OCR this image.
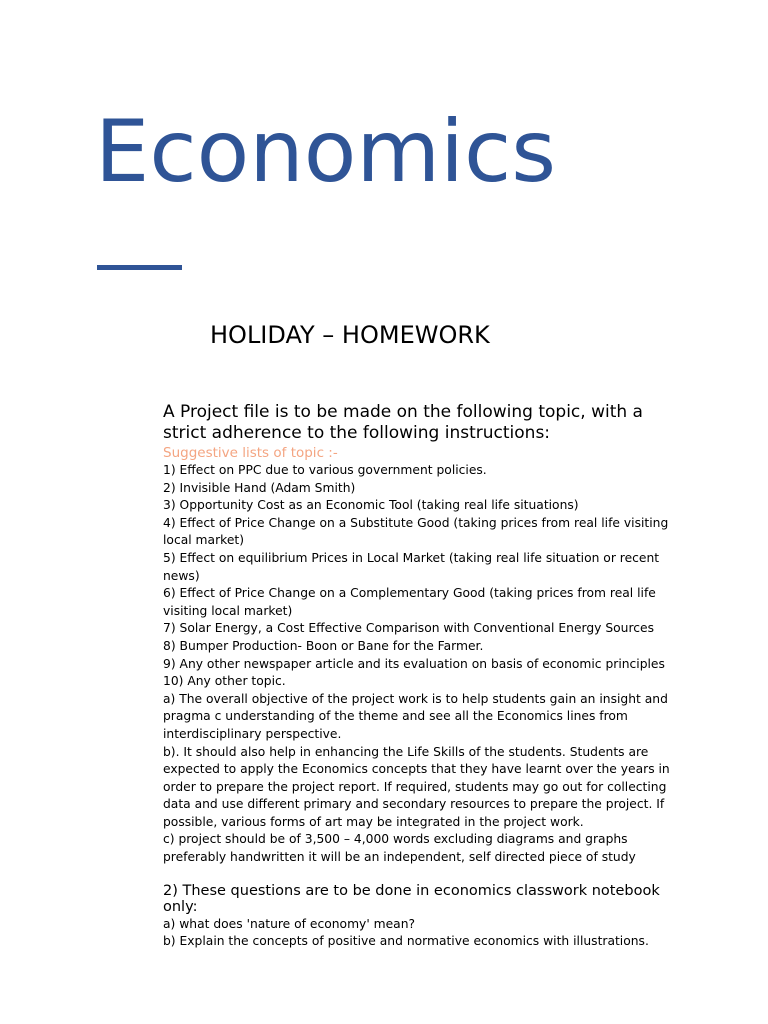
Economics
HOLIDAY – HOMEWORK

A Project file is to be made on the following topic, with a strict adherence to the following instructions:

Suggestive lists of topic :-

1) Effect on PPC due to various government policies.

2) Invisible Hand (Adam Smith)

3) Opportunity Cost as an Economic Tool (taking real life situations)

4) Effect of Price Change on a Substitute Good (taking prices from real life visiting local market)

5) Effect on equilibrium Prices in Local Market (taking real life situation or recent news)

6) Effect of Price Change on a Complementary Good (taking prices from real life visiting local market)

7) Solar Energy, a Cost Effective Comparison with Conventional Energy Sources

8) Bumper Production- Boon or Bane for the Farmer.

9) Any other newspaper article and its evaluation on basis of economic principles

10) Any other topic.

a) The overall objective of the project work is to help students gain an insight and pragma c understanding of the theme and see all the Economics lines from interdisciplinary perspective.

b). It should also help in enhancing the Life Skills of the students. Students are expected to apply the Economics concepts that they have learnt over the years in order to prepare the project report. If required, students may go out for collecting data and use different primary and secondary resources to prepare the project. If possible, various forms of art may be integrated in the project work.

c) project should be of 3,500 – 4,000 words excluding diagrams and graphs preferably handwritten it will be an independent, self directed piece of study

2) These questions are to be done in economics classwork notebook only:

a) what does 'nature of economy' mean?

b) Explain the concepts of positive and normative economics with illustrations.
